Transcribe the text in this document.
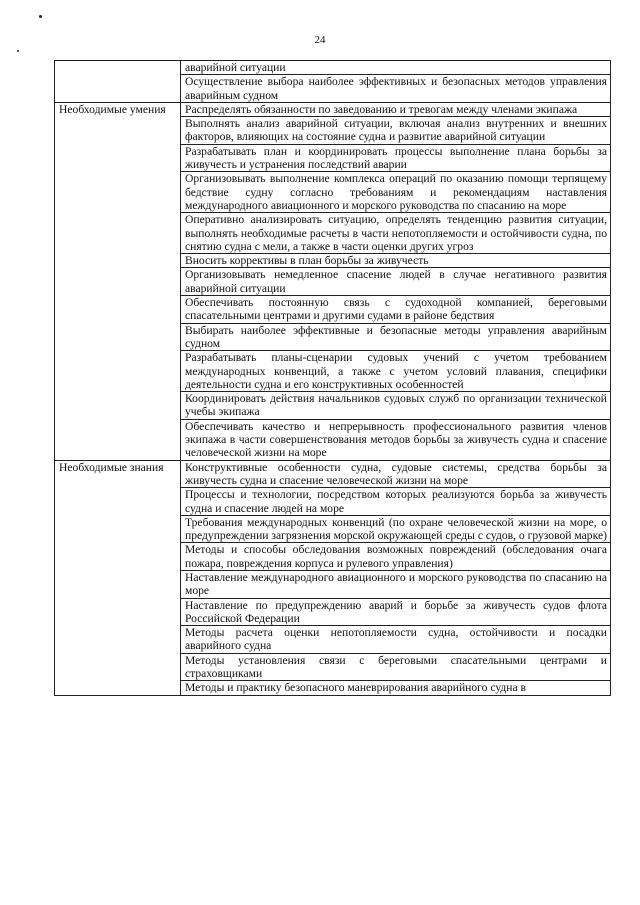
24
	аварийной ситуации
	Осуществление выбора наиболее эффективных и безопасных методов управления аварийным судном
Необходимые умения	Распределять обязанности по заведованию и тревогам между членами экипажа
	Выполнять анализ аварийной ситуации, включая анализ внутренних и внешних факторов, влияющих на состояние судна и развитие аварийной ситуации
	Разрабатывать план и координировать процессы выполнение плана борьбы за живучесть и устранения последствий аварии
	Организовывать выполнение комплекса операций по оказанию помощи терпящему бедствие судну согласно требованиям и рекомендациям наставления международного авиационного и морского руководства по спасанию на море
	Оперативно анализировать ситуацию, определять тенденцию развития ситуации, выполнять необходимые расчеты в части непотопляемости и остойчивости судна, по снятию судна с мели, а также в части оценки других угроз
	Вносить коррективы в план борьбы за живучесть
	Организовывать немедленное спасение людей в случае негативного развития аварийной ситуации
	Обеспечивать постоянную связь с судоходной компанией, береговыми спасательными центрами и другими судами в районе бедствия
	Выбирать наиболее эффективные и безопасные методы управления аварийным судном
	Разрабатывать планы-сценарии судовых учений с учетом требованием международных конвенций, а также с учетом условий плавания, специфики деятельности судна и его конструктивных особенностей
	Координировать действия начальников судовых служб по организации технической учебы экипажа
	Обеспечивать качество и непрерывность профессионального развития членов экипажа в части совершенствования методов борьбы за живучесть судна и спасение человеческой жизни на море
Необходимые знания	Конструктивные особенности судна, судовые системы, средства борьбы за живучесть судна и спасение человеческой жизни на море
	Процессы и технологии, посредством которых реализуются борьба за живучесть судна и спасение людей на море
	Требования международных конвенций (по охране человеческой жизни на море, о предупреждении загрязнения морской окружающей среды с судов, о грузовой марке)
	Методы и способы обследования возможных повреждений (обследования очага пожара, повреждения корпуса и рулевого управления)
	Наставление международного авиационного и морского руководства по спасанию на море
	Наставление по предупреждению аварий и борьбе за живучесть судов флота Российской Федерации
	Методы расчета оценки непотопляемости судна, остойчивости и посадки аварийного судна
	Методы установления связи с береговыми спасательными центрами и страховщиками
	Методы и практику безопасного маневрирования аварийного судна в
